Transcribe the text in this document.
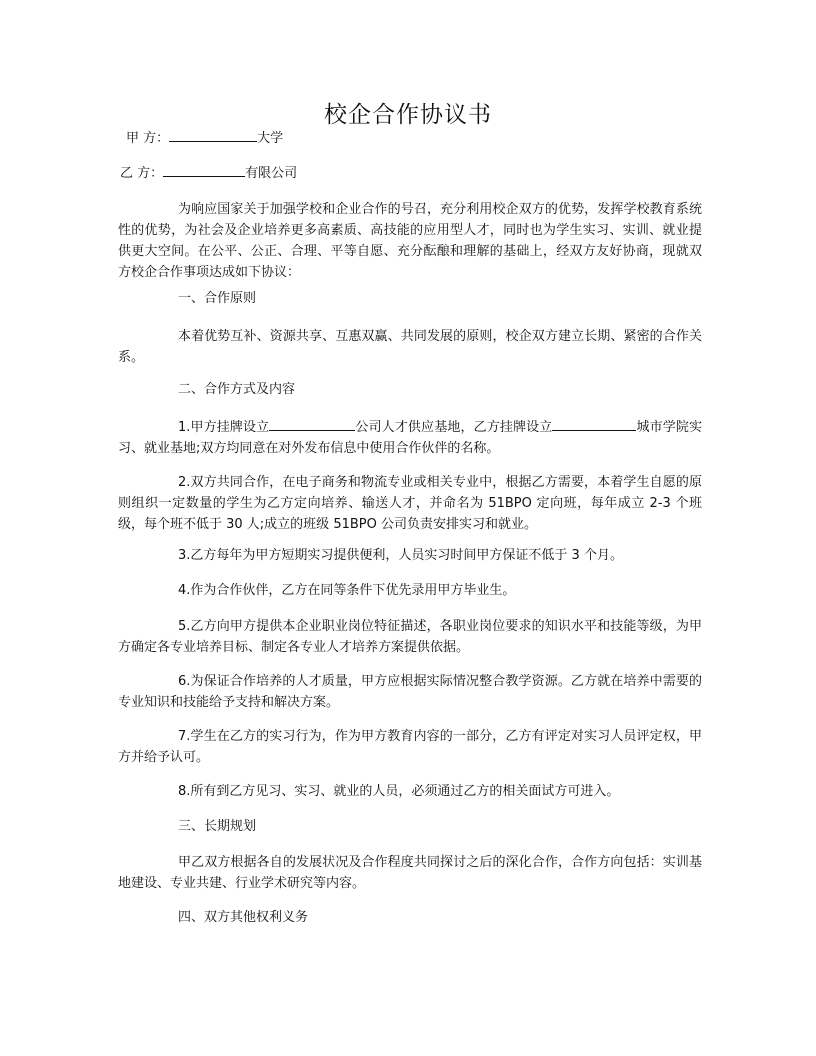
校企合作协议书
甲 方：	大学
乙 方：	有限公司
为响应国家关于加强学校和企业合作的号召，充分利用校企双方的优势，发挥学校教育系统性的优势，为社会及企业培养更多高素质、高技能的应用型人才，同时也为学生实习、实训、就业提供更大空间。在公平、公正、合理、平等自愿、充分酝酿和理解的基础上，经双方友好协商，现就双方校企合作事项达成如下协议：
一、合作原则
本着优势互补、资源共享、互惠双赢、共同发展的原则，校企双方建立长期、紧密的合作关系。
二、合作方式及内容
1.甲方挂牌设立	公司人才供应基地，乙方挂牌设立	城市学院实习、就业基地;双方均同意在对外发布信息中使用合作伙伴的名称。
2.双方共同合作，在电子商务和物流专业或相关专业中，根据乙方需要，本着学生自愿的原则组织一定数量的学生为乙方定向培养、输送人才，并命名为 51BPO 定向班，每年成立 2-3 个班级，每个班不低于 30 人;成立的班级 51BPO 公司负责安排实习和就业。
3.乙方每年为甲方短期实习提供便利，人员实习时间甲方保证不低于 3 个月。
4.作为合作伙伴，乙方在同等条件下优先录用甲方毕业生。
5.乙方向甲方提供本企业职业岗位特征描述，各职业岗位要求的知识水平和技能等级，为甲方确定各专业培养目标、制定各专业人才培养方案提供依据。
6.为保证合作培养的人才质量，甲方应根据实际情况整合教学资源。乙方就在培养中需要的专业知识和技能给予支持和解决方案。
7.学生在乙方的实习行为，作为甲方教育内容的一部分，乙方有评定对实习人员评定权，甲方并给予认可。
8.所有到乙方见习、实习、就业的人员，必须通过乙方的相关面试方可进入。
三、长期规划
甲乙双方根据各自的发展状况及合作程度共同探讨之后的深化合作，合作方向包括：实训基地建设、专业共建、行业学术研究等内容。
四、双方其他权利义务
